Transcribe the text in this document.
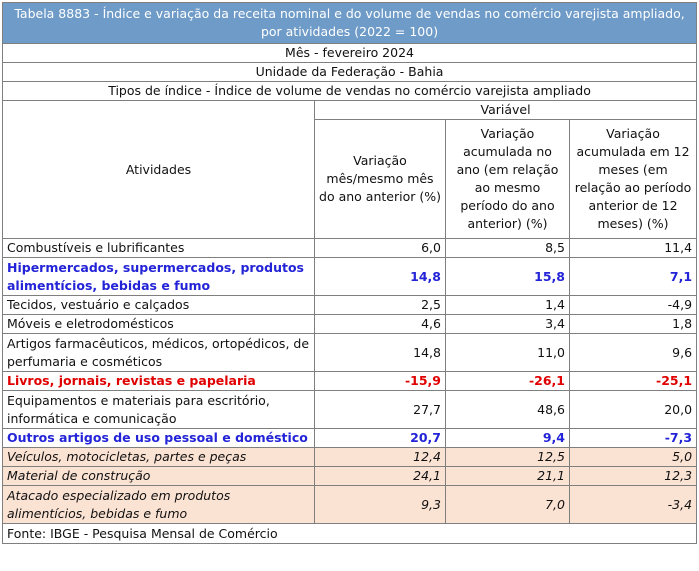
Tabela 8883 - Índice e variação da receita nominal e do volume de vendas no comércio varejista ampliado, por atividades (2022 = 100)			
Mês - fevereiro 2024			
Unidade da Federação - Bahia			
Tipos de índice - Índice de volume de vendas no comércio varejista ampliado			
Atividades	Variável		
	Variação mês/mesmo mês do ano anterior (%)	Variação acumulada no ano (em relação ao mesmo período do ano anterior) (%)	Variação acumulada em 12 meses (em relação ao período anterior de 12 meses) (%)
Combustíveis e lubrificantes	6,0	8,5	11,4
Hipermercados, supermercados, produtos alimentícios, bebidas e fumo	14,8	15,8	7,1
Tecidos, vestuário e calçados	2,5	1,4	-4,9
Móveis e eletrodomésticos	4,6	3,4	1,8
Artigos farmacêuticos, médicos, ortopédicos, de perfumaria e cosméticos	14,8	11,0	9,6
Livros, jornais, revistas e papelaria	-15,9	-26,1	-25,1
Equipamentos e materiais para escritório, informática e comunicação	27,7	48,6	20,0
Outros artigos de uso pessoal e doméstico	20,7	9,4	-7,3
Veículos, motocicletas, partes e peças	12,4	12,5	5,0
Material de construção	24,1	21,1	12,3
Atacado especializado em produtos alimentícios, bebidas e fumo	9,3	7,0	-3,4
Fonte: IBGE - Pesquisa Mensal de Comércio			
